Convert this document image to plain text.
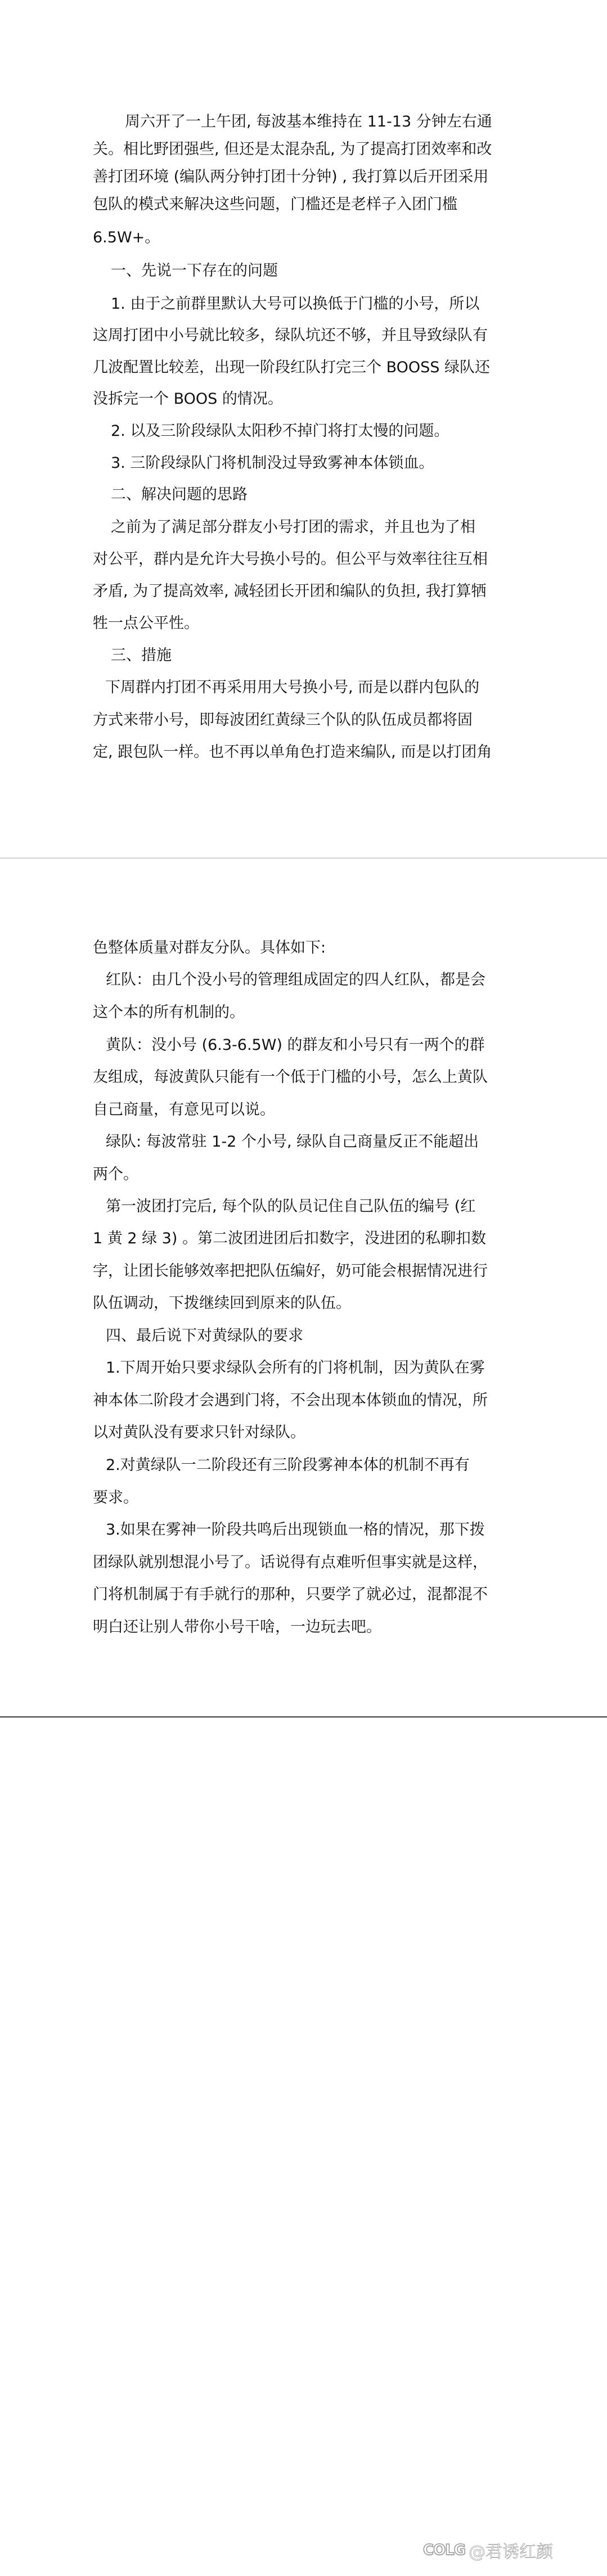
周六开了一上午团, 每波基本维持在 11-13 分钟左右通
关。相比野团强些, 但还是太混杂乱, 为了提高打团效率和改
善打团环境 (编队两分钟打团十分钟) , 我打算以后开团采用
包队的模式来解决这些问题，门槛还是老样子入团门槛
6.5W+。
一、先说一下存在的问题
1. 由于之前群里默认大号可以换低于门槛的小号，所以
这周打团中小号就比较多，绿队坑还不够，并且导致绿队有
几波配置比较差，出现一阶段红队打完三个 BOOSS 绿队还
没拆完一个 BOOS 的情况。
2. 以及三阶段绿队太阳秒不掉门将打太慢的问题。
3. 三阶段绿队门将机制没过导致雾神本体锁血。
二、解决问题的思路
之前为了满足部分群友小号打团的需求，并且也为了相
对公平，群内是允许大号换小号的。但公平与效率往往互相
矛盾, 为了提高效率, 减轻团长开团和编队的负担, 我打算牺
牲一点公平性。
三、措施
下周群内打团不再采用用大号换小号, 而是以群内包队的
方式来带小号，即每波团红黄绿三个队的队伍成员都将固
定, 跟包队一样。也不再以单角色打造来编队, 而是以打团角
色整体质量对群友分队。具体如下:
红队：由几个没小号的管理组成固定的四人红队，都是会
这个本的所有机制的。
黄队：没小号 (6.3-6.5W) 的群友和小号只有一两个的群
友组成，每波黄队只能有一个低于门槛的小号，怎么上黄队
自己商量，有意见可以说。
绿队: 每波常驻 1-2 个小号, 绿队自己商量反正不能超出
两个。
第一波团打完后, 每个队的队员记住自己队伍的编号 (红
1 黄 2 绿 3) 。第二波团进团后扣数字，没进团的私聊扣数
字，让团长能够效率把把队伍编好，奶可能会根据情况进行
队伍调动，下拨继续回到原来的队伍。
四、最后说下对黄绿队的要求
1.下周开始只要求绿队会所有的门将机制，因为黄队在雾
神本体二阶段才会遇到门将，不会出现本体锁血的情况，所
以对黄队没有要求只针对绿队。
2.对黄绿队一二阶段还有三阶段雾神本体的机制不再有
要求。
3.如果在雾神一阶段共鸣后出现锁血一格的情况，那下拨
团绿队就别想混小号了。话说得有点难听但事实就是这样，
门将机制属于有手就行的那种，只要学了就必过，混都混不
明白还让别人带你小号干啥，一边玩去吧。
COLG @君诱红颜
